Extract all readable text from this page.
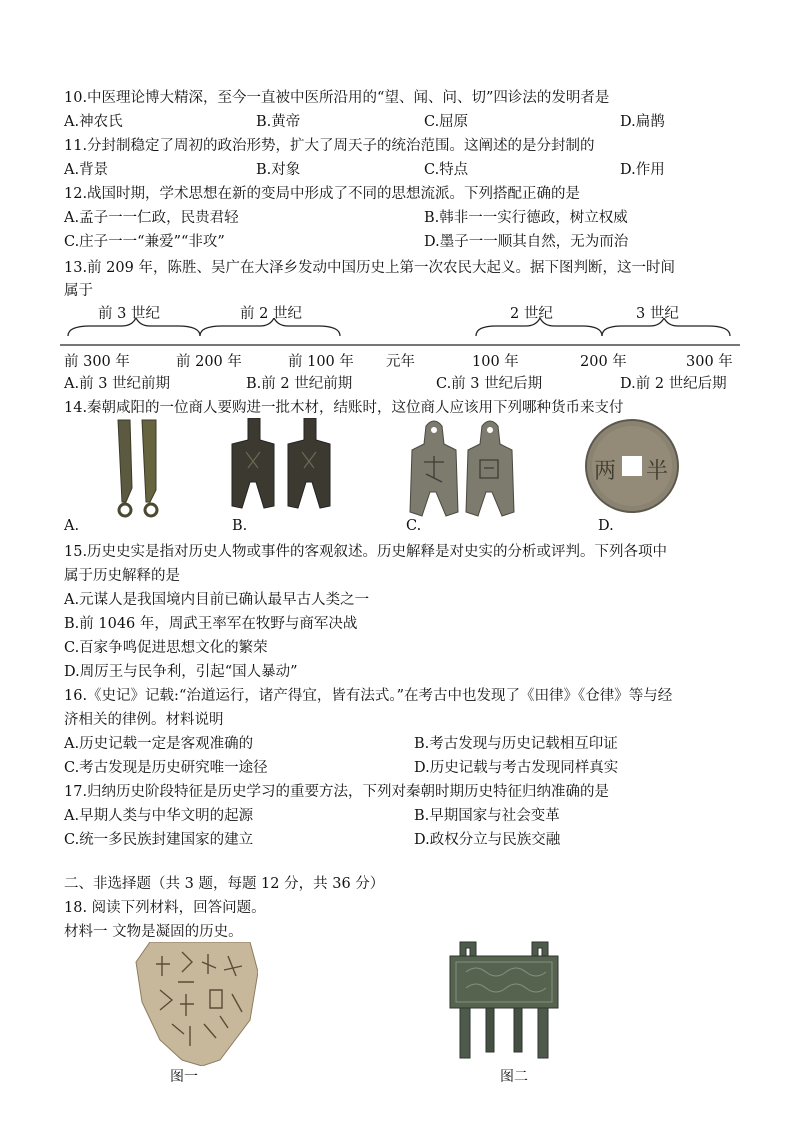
10.中医理论博大精深，至今一直被中医所沿用的“望、闻、问、切”四诊法的发明者是
A.神农氏	B.黄帝	C.屈原	D.扁鹊
11.分封制稳定了周初的政治形势，扩大了周天子的统治范围。这阐述的是分封制的
A.背景	B.对象	C.特点	D.作用
12.战国时期，学术思想在新的变局中形成了不同的思想流派。下列搭配正确的是
A.孟子一一仁政，民贵君轻	B.韩非一一实行德政，树立权威
C.庄子一一“兼爱”“非攻”	D.墨子一一顺其自然，无为而治
13.前 209 年，陈胜、吴广在大泽乡发动中国历史上第一次农民大起义。据下图判断，这一时间
属于
前 3 世纪	前 2 世纪	2 世纪	3 世纪
前 300 年	前 200 年	前 100 年 元年	100 年	200 年	300 年
A.前 3 世纪前期	B.前 2 世纪前期	C.前 3 世纪后期	D.前 2 世纪后期
14.秦朝咸阳的一位商人要购进一批木材，结账时，这位商人应该用下列哪种货币来支付
A.	B.	C.
两 半
D.
15.历史史实是指对历史人物或事件的客观叙述。历史解释是对史实的分析或评判。下列各项中
属于历史解释的是
A.元谋人是我国境内目前已确认最早古人类之一
B.前 1046 年，周武王率军在牧野与商军决战
C.百家争鸣促进思想文化的繁荣
D.周厉王与民争利，引起“国人暴动”
16.《史记》记载:“治道运行，诸产得宜，皆有法式。”在考古中也发现了《田律》《仓律》等与经
济相关的律例。材料说明
A.历史记载一定是客观准确的	B.考古发现与历史记载相互印证
C.考古发现是历史研究唯一途径	D.历史记载与考古发现同样真实
17.归纳历史阶段特征是历史学习的重要方法，下列对秦朝时期历史特征归纳准确的是
A.早期人类与中华文明的起源	B.早期国家与社会变革
C.统一多民族封建国家的建立	D.政权分立与民族交融
二、非选择题（共 3 题，每题 12 分，共 36 分）
18. 阅读下列材料，回答问题。
材料一 文物是凝固的历史。
图一	图二
